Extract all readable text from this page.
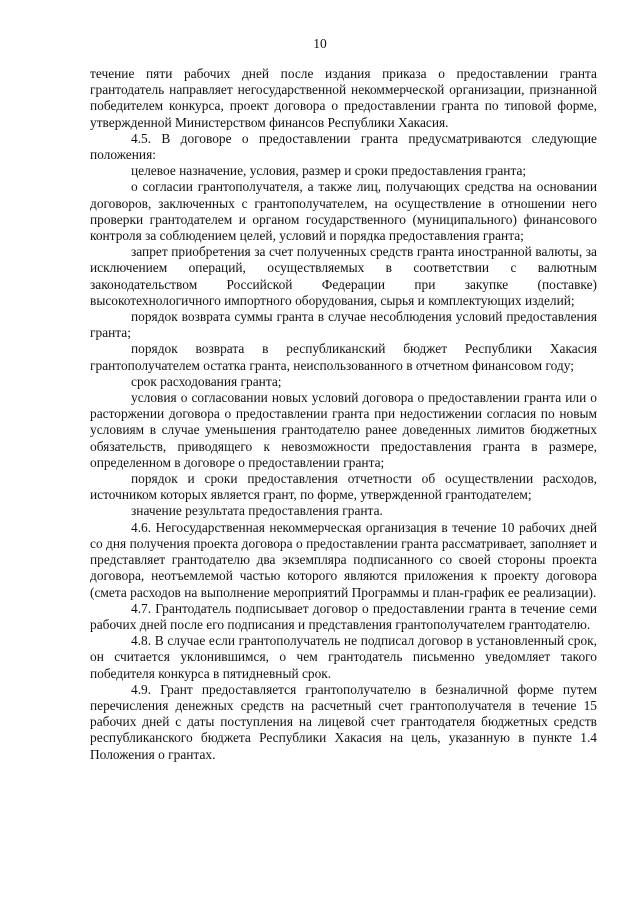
10

течение пяти рабочих дней после издания приказа о предоставлении гранта грантодатель направляет негосударственной некоммерческой организации, признанной победителем конкурса, проект договора о предоставлении гранта по типовой форме, утвержденной Министерством финансов Республики Хакасия.

4.5. В договоре о предоставлении гранта предусматриваются следующие положения:

целевое назначение, условия, размер и сроки предоставления гранта;

о согласии грантополучателя, а также лиц, получающих средства на основании договоров, заключенных с грантополучателем, на осуществление в отношении него проверки грантодателем и органом государственного (муниципального) финансового контроля за соблюдением целей, условий и порядка предоставления гранта;

запрет приобретения за счет полученных средств гранта иностранной валюты, за исключением операций, осуществляемых в соответствии с валютным законодательством Российской Федерации при закупке (поставке) высокотехнологичного импортного оборудования, сырья и комплектующих изделий;

порядок возврата суммы гранта в случае несоблюдения условий предоставления гранта;

порядок возврата в республиканский бюджет Республики Хакасия грантополучателем остатка гранта, неиспользованного в отчетном финансовом году;

срок расходования гранта;

условия о согласовании новых условий договора о предоставлении гранта или о расторжении договора о предоставлении гранта при недостижении согласия по новым условиям в случае уменьшения грантодателю ранее доведенных лимитов бюджетных обязательств, приводящего к невозможности предоставления гранта в размере, определенном в договоре о предоставлении гранта;

порядок и сроки предоставления отчетности об осуществлении расходов, источником которых является грант, по форме, утвержденной грантодателем;

значение результата предоставления гранта.

4.6. Негосударственная некоммерческая организация в течение 10 рабочих дней со дня получения проекта договора о предоставлении гранта рассматривает, заполняет и представляет грантодателю два экземпляра подписанного со своей стороны проекта договора, неотъемлемой частью которого являются приложения к проекту договора (смета расходов на выполнение мероприятий Программы и план-график ее реализации).

4.7. Грантодатель подписывает договор о предоставлении гранта в течение семи рабочих дней после его подписания и представления грантополучателем грантодателю.

4.8. В случае если грантополучатель не подписал договор в установленный срок, он считается уклонившимся, о чем грантодатель письменно уведомляет такого победителя конкурса в пятидневный срок.

4.9. Грант предоставляется грантополучателю в безналичной форме путем перечисления денежных средств на расчетный счет грантополучателя в течение 15 рабочих дней с даты поступления на лицевой счет грантодателя бюджетных средств республиканского бюджета Республики Хакасия на цель, указанную в пункте 1.4 Положения о грантах.
